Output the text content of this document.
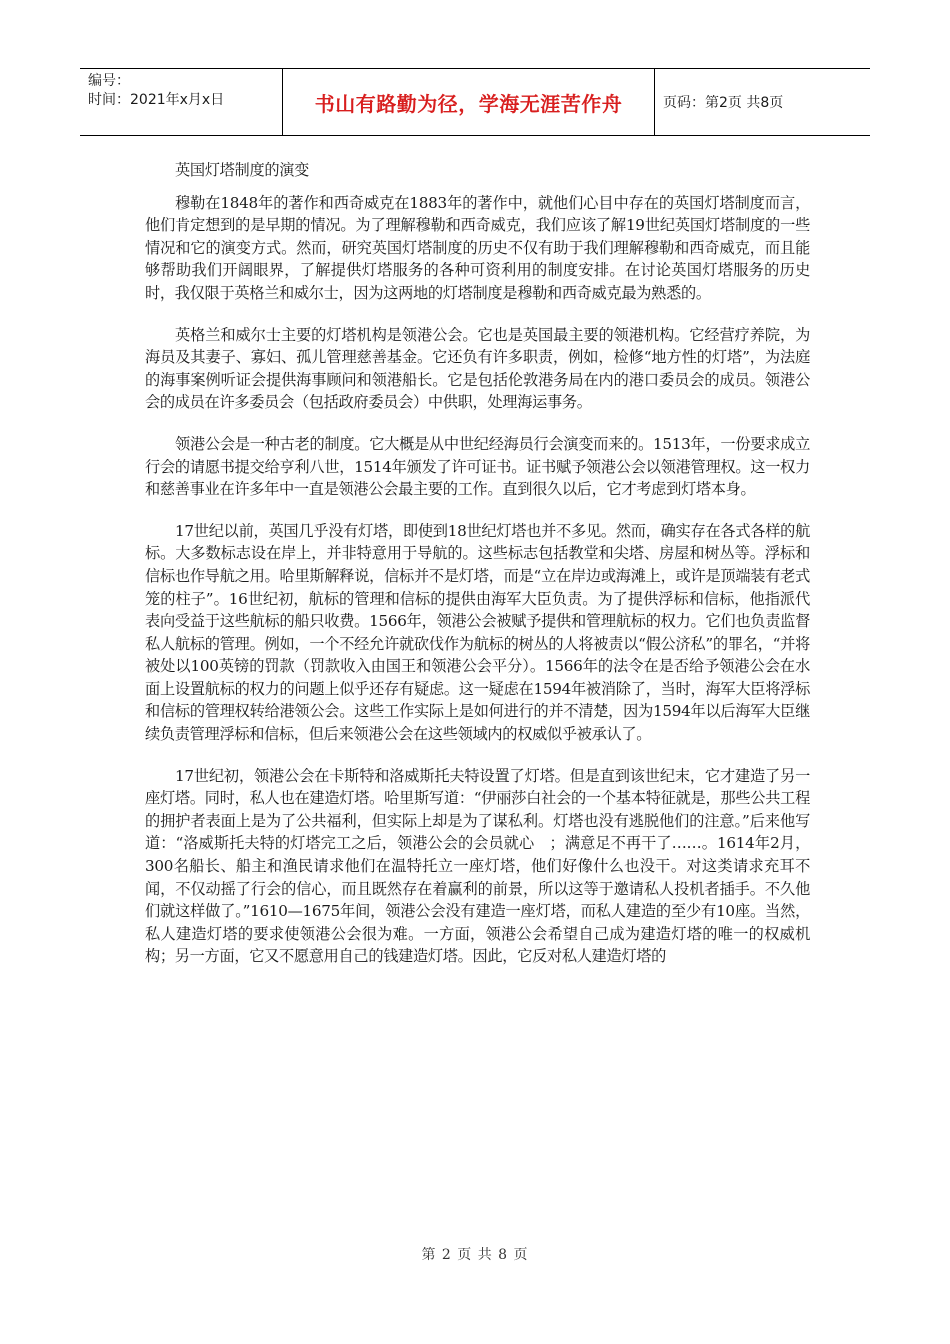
编号：
时间：2021年x月x日	书山有路勤为径，学海无涯苦作舟	页码：第2页 共8页
英国灯塔制度的演变

穆勒在1848年的著作和西奇威克在1883年的著作中，就他们心目中存在的英国灯塔制度而言，他们肯定想到的是早期的情况。为了理解穆勒和西奇威克，我们应该了解19世纪英国灯塔制度的一些情况和它的演变方式。然而，研究英国灯塔制度的历史不仅有助于我们理解穆勒和西奇威克，而且能够帮助我们开阔眼界，了解提供灯塔服务的各种可资利用的制度安排。在讨论英国灯塔服务的历史时，我仅限于英格兰和威尔士，因为这两地的灯塔制度是穆勒和西奇威克最为熟悉的。

英格兰和威尔士主要的灯塔机构是领港公会。它也是英国最主要的领港机构。它经营疗养院，为海员及其妻子、寡妇、孤儿管理慈善基金。它还负有许多职责，例如，检修“地方性的灯塔”，为法庭的海事案例听证会提供海事顾问和领港船长。它是包括伦敦港务局在内的港口委员会的成员。领港公会的成员在许多委员会（包括政府委员会）中供职，处理海运事务。

领港公会是一种古老的制度。它大概是从中世纪经海员行会演变而来的。1513年，一份要求成立行会的请愿书提交给亨利八世，1514年颁发了许可证书。证书赋予领港公会以领港管理权。这一权力和慈善事业在许多年中一直是领港公会最主要的工作。直到很久以后，它才考虑到灯塔本身。

17世纪以前，英国几乎没有灯塔，即使到18世纪灯塔也并不多见。然而，确实存在各式各样的航标。大多数标志设在岸上，并非特意用于导航的。这些标志包括教堂和尖塔、房屋和树丛等。浮标和信标也作导航之用。哈里斯解释说，信标并不是灯塔，而是“立在岸边或海滩上，或许是顶端装有老式笼的柱子”。16世纪初，航标的管理和信标的提供由海军大臣负责。为了提供浮标和信标，他指派代表向受益于这些航标的船只收费。1566年，领港公会被赋予提供和管理航标的权力。它们也负责监督私人航标的管理。例如，一个不经允许就砍伐作为航标的树丛的人将被责以“假公济私”的罪名，“并将被处以100英镑的罚款（罚款收入由国王和领港公会平分）。1566年的法令在是否给予领港公会在水面上设置航标的权力的问题上似乎还存有疑虑。这一疑虑在1594年被消除了，当时，海军大臣将浮标和信标的管理权转给港领公会。这些工作实际上是如何进行的并不清楚，因为1594年以后海军大臣继续负责管理浮标和信标，但后来领港公会在这些领域内的权威似乎被承认了。

17世纪初，领港公会在卡斯特和洛威斯托夫特设置了灯塔。但是直到该世纪末，它才建造了另一座灯塔。同时，私人也在建造灯塔。哈里斯写道：“伊丽莎白社会的一个基本特征就是，那些公共工程的拥护者表面上是为了公共福利，但实际上却是为了谋私利。灯塔也没有逃脱他们的注意。”后来他写道：“洛威斯托夫特的灯塔完工之后，领港公会的会员就心　；满意足不再干了……。1614年2月，300名船长、船主和渔民请求他们在温特托立一座灯塔，他们好像什么也没干。对这类请求充耳不闻，不仅动摇了行会的信心，而且既然存在着赢利的前景，所以这等于邀请私人投机者插手。不久他们就这样做了。”1610—1675年间，领港公会没有建造一座灯塔，而私人建造的至少有10座。当然，私人建造灯塔的要求使领港公会很为难。一方面，领港公会希望自己成为建造灯塔的唯一的权威机构；另一方面，它又不愿意用自己的钱建造灯塔。因此，它反对私人建造灯塔的

第 2 页 共 8 页
